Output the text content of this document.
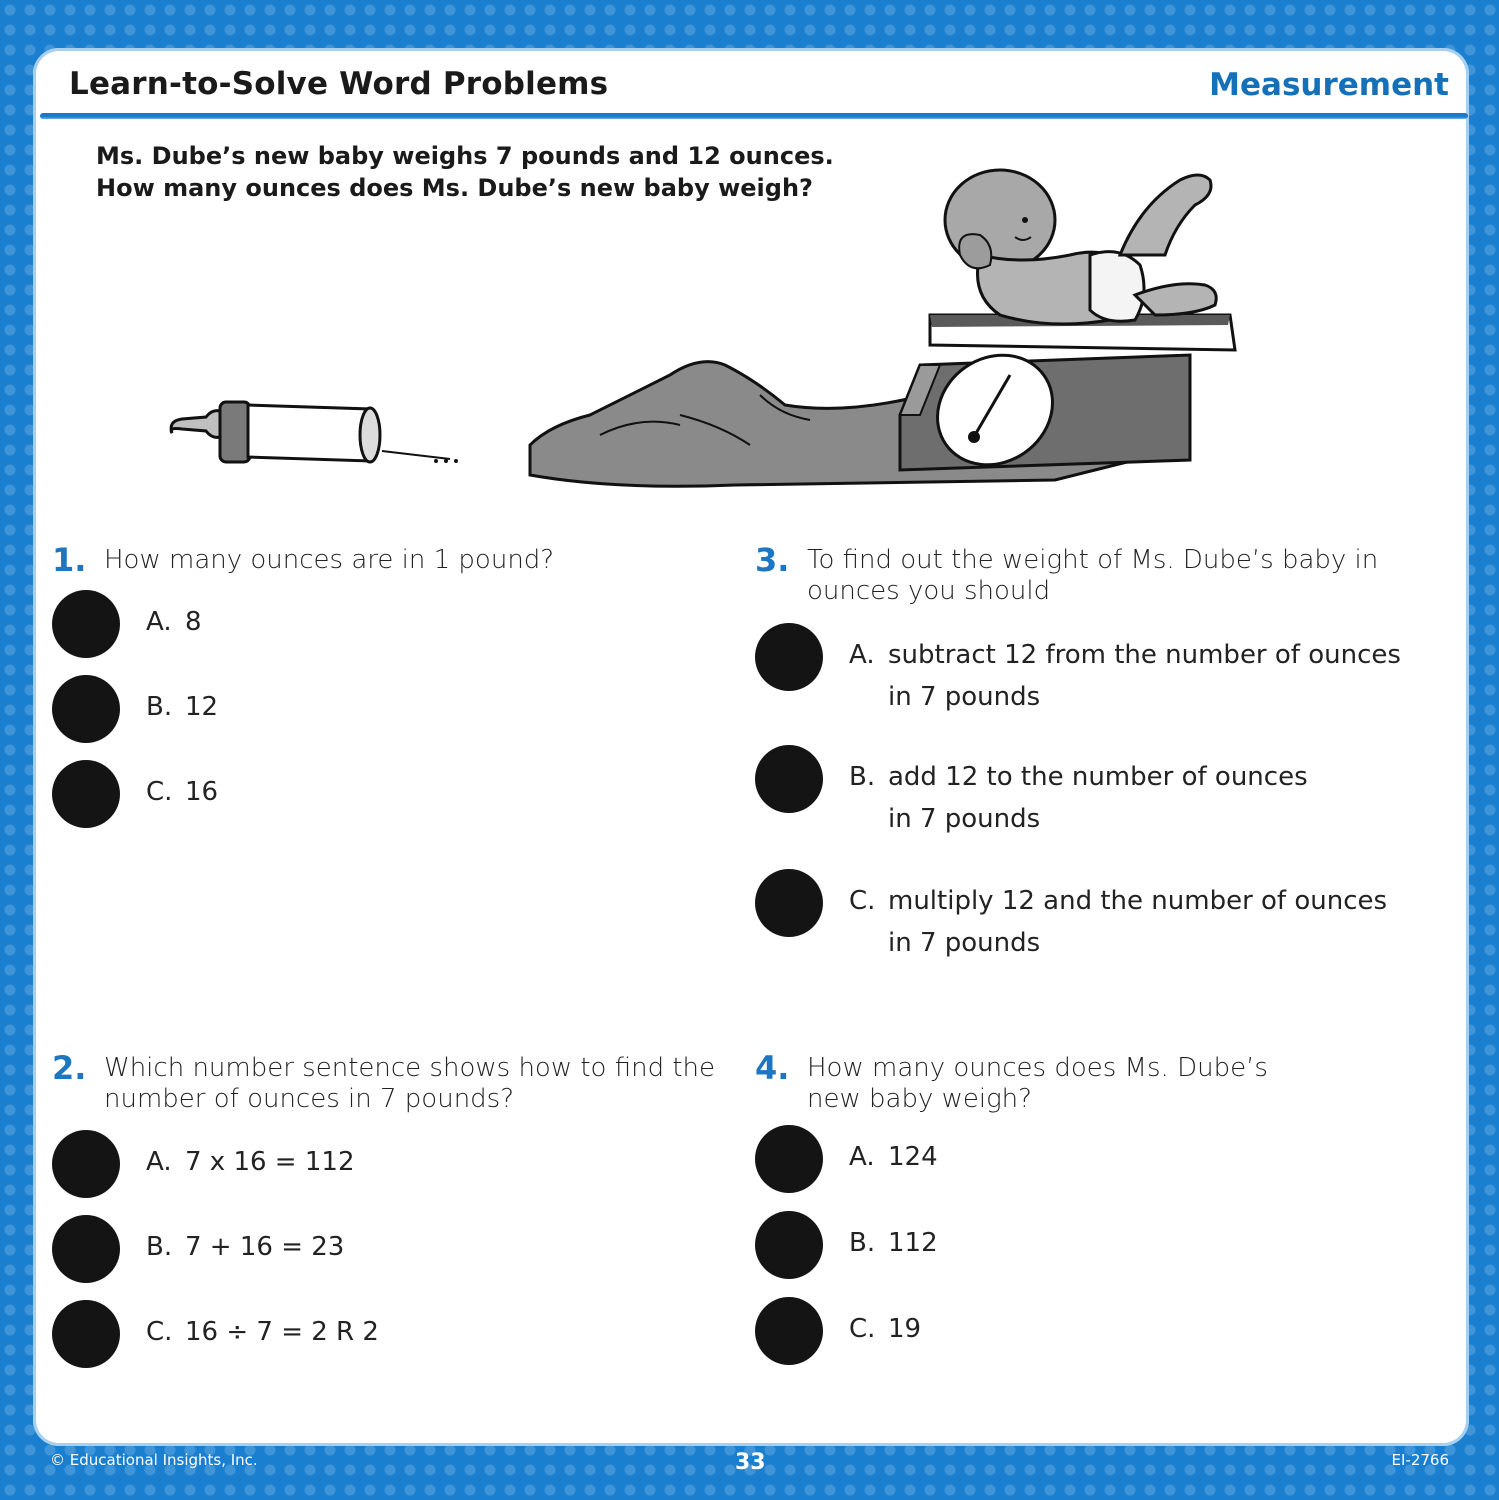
Learn-to-Solve Word Problems	Measurement
Ms. Dube’s new baby weighs 7 pounds and 12 ounces.
How many ounces does Ms. Dube’s new baby weigh?
1. How many ounces are in 1 pound?
A. 8
B. 12
C. 16
2. Which number sentence shows how to find the
number of ounces in 7 pounds?
A. 7 x 16 = 112
B. 7 + 16 = 23
C. 16 ÷ 7 = 2 R 2
3. To find out the weight of Ms. Dube’s baby in
ounces you should
A. subtract 12 from the number of ounces
in 7 pounds
B. add 12 to the number of ounces
in 7 pounds
C. multiply 12 and the number of ounces
in 7 pounds
4. How many ounces does Ms. Dube’s
new baby weigh?
A. 124
B. 112
C. 19
© Educational Insights, Inc.	33	EI-2766
